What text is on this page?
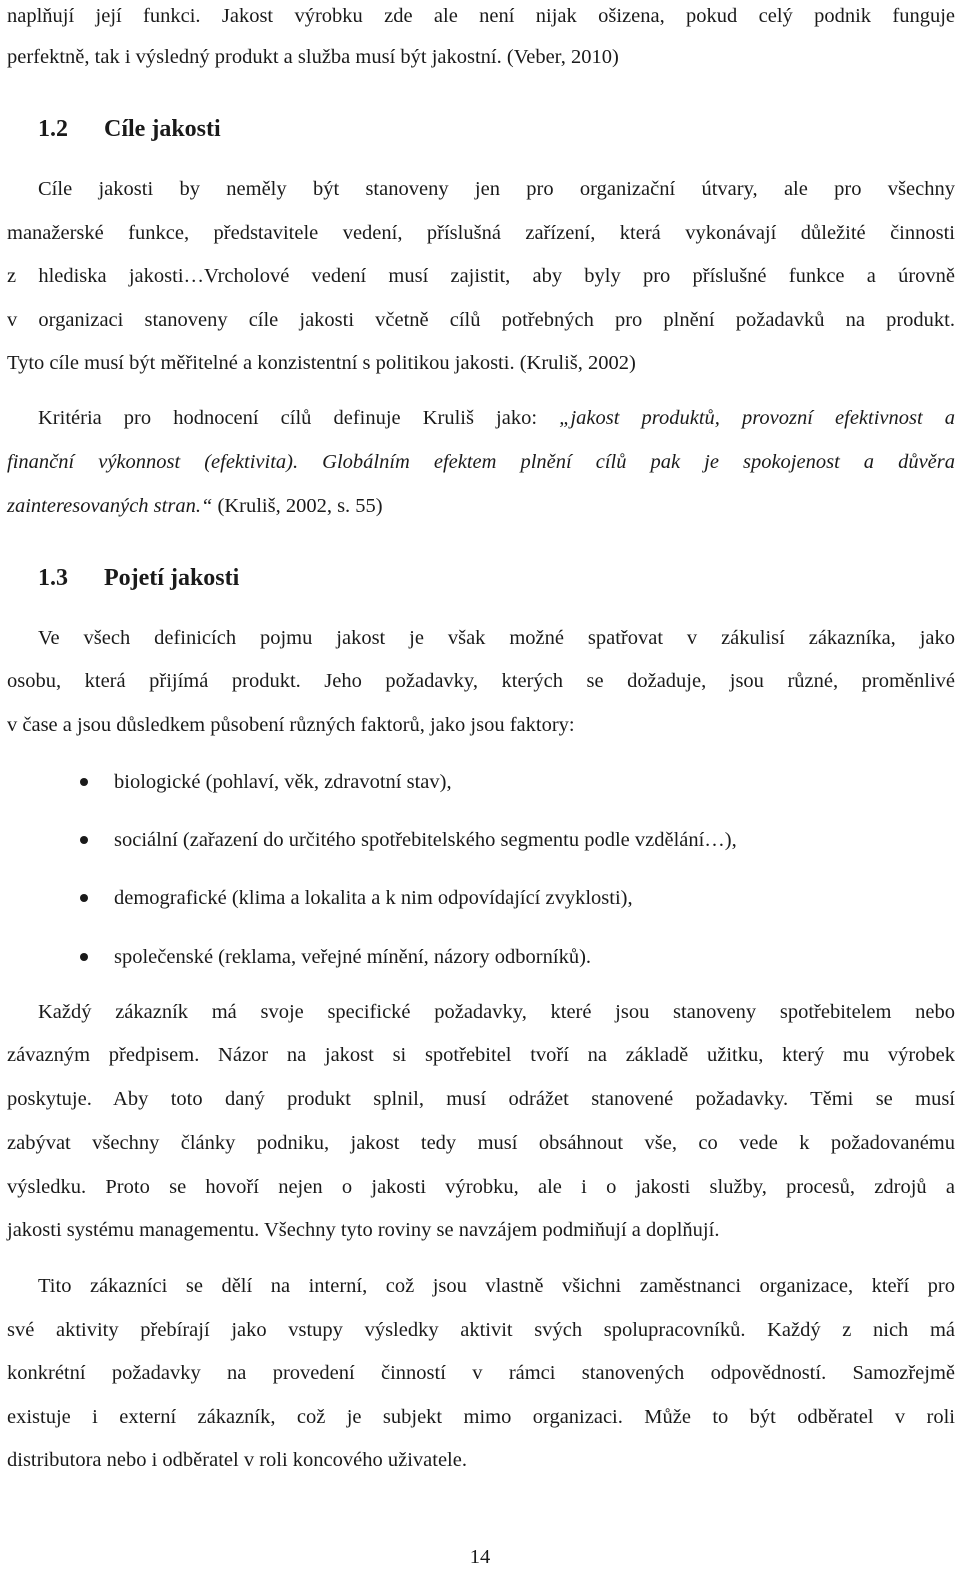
naplňují její funkci. Jakost výrobku zde ale není nijak ošizena, pokud celý podnik funguje
perfektně, tak i výsledný produkt a služba musí být jakostní. (Veber, 2010)
1.2 Cíle jakosti
Cíle jakosti by neměly být stanoveny jen pro organizační útvary, ale pro všechny
manažerské funkce, představitele vedení, příslušná zařízení, která vykonávají důležité činnosti
z hlediska jakosti…Vrcholové vedení musí zajistit, aby byly pro příslušné funkce a úrovně
v organizaci stanoveny cíle jakosti včetně cílů potřebných pro plnění požadavků na produkt.
Tyto cíle musí být měřitelné a konzistentní s politikou jakosti. (Kruliš, 2002)
Kritéria pro hodnocení cílů definuje Kruliš jako: „jakost produktů, provozní efektivnost a
finanční výkonnost (efektivita). Globálním efektem plnění cílů pak je spokojenost a důvěra
zainteresovaných stran.“ (Kruliš, 2002, s. 55)
1.3 Pojetí jakosti
Ve všech definicích pojmu jakost je však možné spatřovat v zákulisí zákazníka, jako
osobu, která přijímá produkt. Jeho požadavky, kterých se dožaduje, jsou různé, proměnlivé
v čase a jsou důsledkem působení různých faktorů, jako jsou faktory:
biologické (pohlaví, věk, zdravotní stav),
sociální (zařazení do určitého spotřebitelského segmentu podle vzdělání…),
demografické (klima a lokalita a k nim odpovídající zvyklosti),
společenské (reklama, veřejné mínění, názory odborníků).
Každý zákazník má svoje specifické požadavky, které jsou stanoveny spotřebitelem nebo
závazným předpisem. Názor na jakost si spotřebitel tvoří na základě užitku, který mu výrobek
poskytuje. Aby toto daný produkt splnil, musí odrážet stanovené požadavky. Těmi se musí
zabývat všechny články podniku, jakost tedy musí obsáhnout vše, co vede k požadovanému
výsledku. Proto se hovoří nejen o jakosti výrobku, ale i o jakosti služby, procesů, zdrojů a
jakosti systému managementu. Všechny tyto roviny se navzájem podmiňují a doplňují.
Tito zákazníci se dělí na interní, což jsou vlastně všichni zaměstnanci organizace, kteří pro
své aktivity přebírají jako vstupy výsledky aktivit svých spolupracovníků. Každý z nich má
konkrétní požadavky na provedení činností v rámci stanovených odpovědností. Samozřejmě
existuje i externí zákazník, což je subjekt mimo organizaci. Může to být odběratel v roli
distributora nebo i odběratel v roli koncového uživatele.
14
